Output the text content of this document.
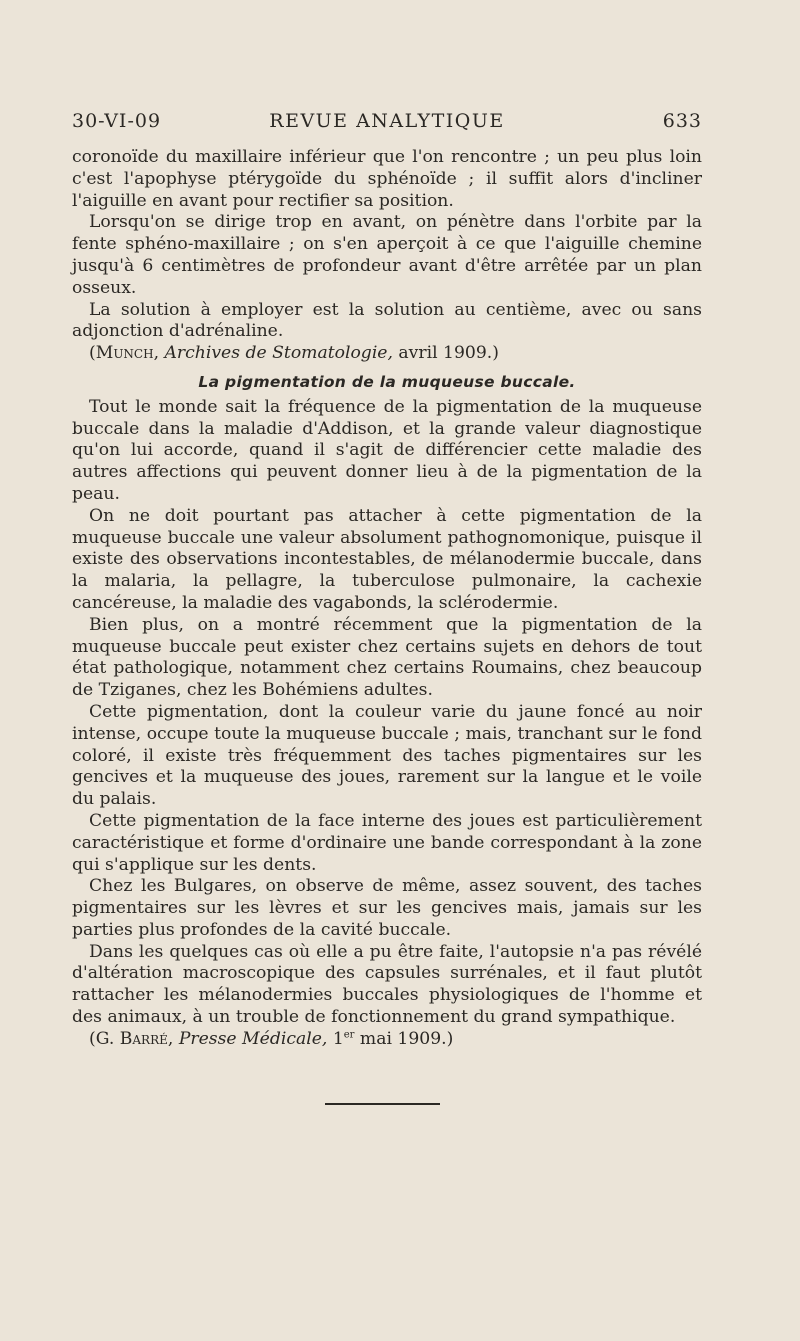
30-VI-09	REVUE ANALYTIQUE	633

coronoïde du maxillaire inférieur que l'on rencontre ; un peu plus loin c'est l'apophyse ptérygoïde du sphénoïde ; il suffit alors d'incliner l'aiguille en avant pour rectifier sa position.

Lorsqu'on se dirige trop en avant, on pénètre dans l'orbite par la fente sphéno-maxillaire ; on s'en aperçoit à ce que l'aiguille chemine jusqu'à 6 centimètres de profondeur avant d'être arrêtée par un plan osseux.

La solution à employer est la solution au centième, avec ou sans adjonction d'adrénaline.

(Munch, Archives de Stomatologie, avril 1909.)

La pigmentation de la muqueuse buccale.

Tout le monde sait la fréquence de la pigmentation de la muqueuse buccale dans la maladie d'Addison, et la grande valeur diagnostique qu'on lui accorde, quand il s'agit de différencier cette maladie des autres affections qui peuvent donner lieu à de la pigmentation de la peau.

On ne doit pourtant pas attacher à cette pigmentation de la muqueuse buccale une valeur absolument pathognomonique, puisque il existe des observations incontestables, de mélanodermie buccale, dans la malaria, la pellagre, la tuberculose pulmonaire, la cachexie cancéreuse, la maladie des vagabonds, la sclérodermie.

Bien plus, on a montré récemment que la pigmentation de la muqueuse buccale peut exister chez certains sujets en dehors de tout état pathologique, notamment chez certains Roumains, chez beaucoup de Tziganes, chez les Bohémiens adultes.

Cette pigmentation, dont la couleur varie du jaune foncé au noir intense, occupe toute la muqueuse buccale ; mais, tranchant sur le fond coloré, il existe très fréquemment des taches pigmentaires sur les gencives et la muqueuse des joues, rarement sur la langue et le voile du palais.

Cette pigmentation de la face interne des joues est particulièrement caractéristique et forme d'ordinaire une bande correspondant à la zone qui s'applique sur les dents.

Chez les Bulgares, on observe de même, assez souvent, des taches pigmentaires sur les lèvres et sur les gencives mais, jamais sur les parties plus profondes de la cavité buccale.

Dans les quelques cas où elle a pu être faite, l'autopsie n'a pas révélé d'altération macroscopique des capsules surrénales, et il faut plutôt rattacher les mélanodermies buccales physiologiques de l'homme et des animaux, à un trouble de fonctionnement du grand sympathique.

(G. Barré, Presse Médicale, 1er mai 1909.)
